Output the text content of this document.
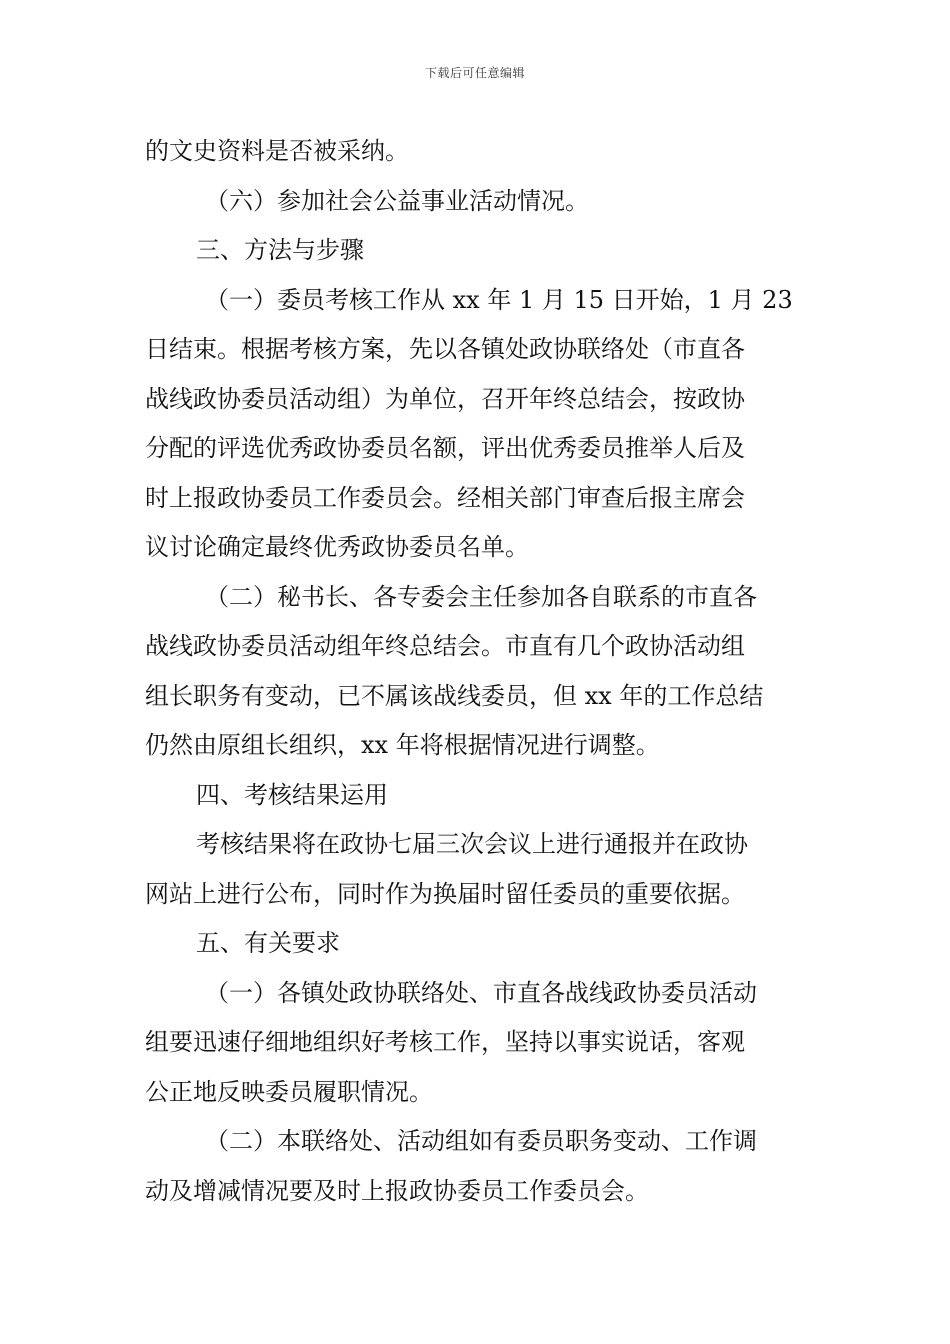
下载后可任意编辑
的文史资料是否被采纳。
（六）参加社会公益事业活动情况。
三、方法与步骤
（一）委员考核工作从 xx 年 1 月 15 日开始，1 月 23
日结束。根据考核方案，先以各镇处政协联络处（市直各
战线政协委员活动组）为单位，召开年终总结会，按政协
分配的评选优秀政协委员名额，评出优秀委员推举人后及
时上报政协委员工作委员会。经相关部门审查后报主席会
议讨论确定最终优秀政协委员名单。
（二）秘书长、各专委会主任参加各自联系的市直各
战线政协委员活动组年终总结会。市直有几个政协活动组
组长职务有变动，已不属该战线委员，但 xx 年的工作总结
仍然由原组长组织，xx 年将根据情况进行调整。
四、考核结果运用
考核结果将在政协七届三次会议上进行通报并在政协
网站上进行公布，同时作为换届时留任委员的重要依据。
五、有关要求
（一）各镇处政协联络处、市直各战线政协委员活动
组要迅速仔细地组织好考核工作，坚持以事实说话，客观
公正地反映委员履职情况。
（二）本联络处、活动组如有委员职务变动、工作调
动及增减情况要及时上报政协委员工作委员会。
